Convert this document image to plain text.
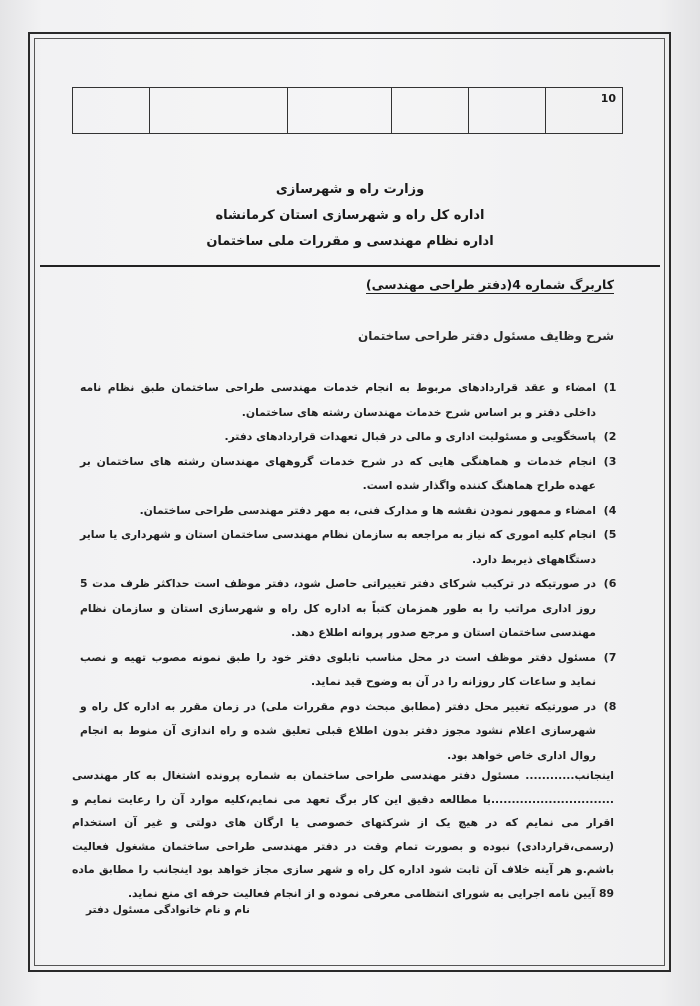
10					

وزارت راه و شهرسازی

اداره کل راه و شهرسازی استان کرمانشاه

اداره نظام مهندسی و مقررات ملی ساختمان

کاربرگ شماره 4(دفتر طراحی مهندسی)
شرح وظایف مسئول دفتر طراحی ساختمان
1)
امضاء و عقد قراردادهای مربوط به انجام خدمات مهندسی طراحی ساختمان طبق نظام نامه داخلی دفتر و بر اساس شرح خدمات مهندسان رشته های ساختمان.
2)
پاسخگویی و مسئولیت اداری و مالی در قبال تعهدات قراردادهای دفتر.
3)
انجام خدمات و هماهنگی هایی که در شرح خدمات گروههای مهندسان رشته های ساختمان بر عهده طراح هماهنگ کننده واگذار شده است.
4)
امضاء و ممهور نمودن نقشه ها و مدارک فنی، به مهر دفتر مهندسی طراحی ساختمان.
5)
انجام کلیه اموری که نیاز به مراجعه به سازمان نظام مهندسی ساختمان استان و شهرداری یا سایر دستگاههای ذیربط دارد.
6)
در صورتیکه در ترکیب شرکای دفتر تغییراتی حاصل شود، دفتر موظف است حداکثر ظرف مدت 5 روز اداری مراتب را به طور همزمان کتباً به اداره کل راه و شهرسازی استان و سازمان نظام مهندسی ساختمان استان و مرجع صدور پروانه اطلاع دهد.
7)
مسئول دفتر موظف است در محل مناسب تابلوی دفتر خود را طبق نمونه مصوب تهیه و نصب نماید و ساعات کار روزانه را در آن به وضوح قید نماید.
8)
در صورتیکه تغییر محل دفتر (مطابق مبحث دوم مقررات ملی) در زمان مقرر به اداره کل راه و شهرسازی اعلام نشود مجوز دفتر بدون اطلاع قبلی تعلیق شده و راه اندازی آن منوط به انجام روال اداری خاص خواهد بود.

اینجانب............ مسئول دفتر مهندسی طراحی ساختمان به شماره پرونده اشتغال به کار مهندسی ..............................با مطالعه دقیق این کار برگ تعهد می نمایم،کلیه موارد آن را رعایت نمایم و اقرار می نمایم که در هیچ یک از شرکتهای خصوصی یا ارگان های دولتی و غیر آن استخدام (رسمی،قراردادی) نبوده و بصورت تمام وقت در دفتر مهندسی طراحی ساختمان مشغول فعالیت باشم.و هر آینه خلاف آن ثابت شود اداره کل راه و شهر سازی مجاز خواهد بود اینجانب را مطابق ماده 89 آیین نامه اجرایی به شورای انتظامی معرفی نموده و از انجام فعالیت حرفه ای منع نماید.

نام و نام خانوادگی مسئول دفتر
